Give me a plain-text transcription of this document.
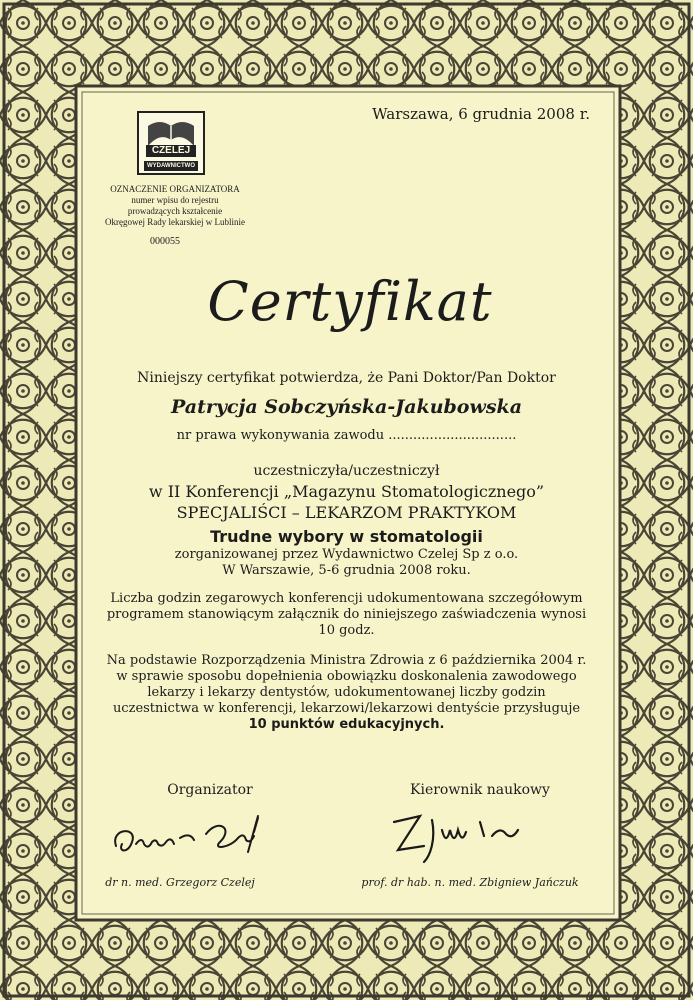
CZELEJ
WYDAWNICTWO
Warszawa, 6 grudnia 2008 r.
OZNACZENIE ORGANIZATORA
numer wpisu do rejestru
prowadzących kształcenie
Okręgowej Rady lekarskiej w Lublinie
000055
Certyfikat
Niniejszy certyfikat potwierdza, że Pani Doktor/Pan Doktor
Patrycja Sobczyńska-Jakubowska
nr prawa wykonywania zawodu ...............................
uczestniczyła/uczestniczył
w II Konferencji „Magazynu Stomatologicznego”
SPECJALIŚCI – LEKARZOM PRAKTYKOM
Trudne wybory w stomatologii
zorganizowanej przez Wydawnictwo Czelej Sp z o.o.
W Warszawie, 5-6 grudnia 2008 roku.
Liczba godzin zegarowych konferencji udokumentowana szczegółowym
programem stanowiącym załącznik do niniejszego zaświadczenia wynosi
10 godz.
Na podstawie Rozporządzenia Ministra Zdrowia z 6 października 2004 r.
w sprawie sposobu dopełnienia obowiązku doskonalenia zawodowego
lekarzy i lekarzy dentystów, udokumentowanej liczby godzin
uczestnictwa w konferencji, lekarzowi/lekarzowi dentyście przysługuje
10 punktów edukacyjnych.
Organizator	Kierownik naukowy
dr n. med. Grzegorz Czelej	prof. dr hab. n. med. Zbigniew Jańczuk
